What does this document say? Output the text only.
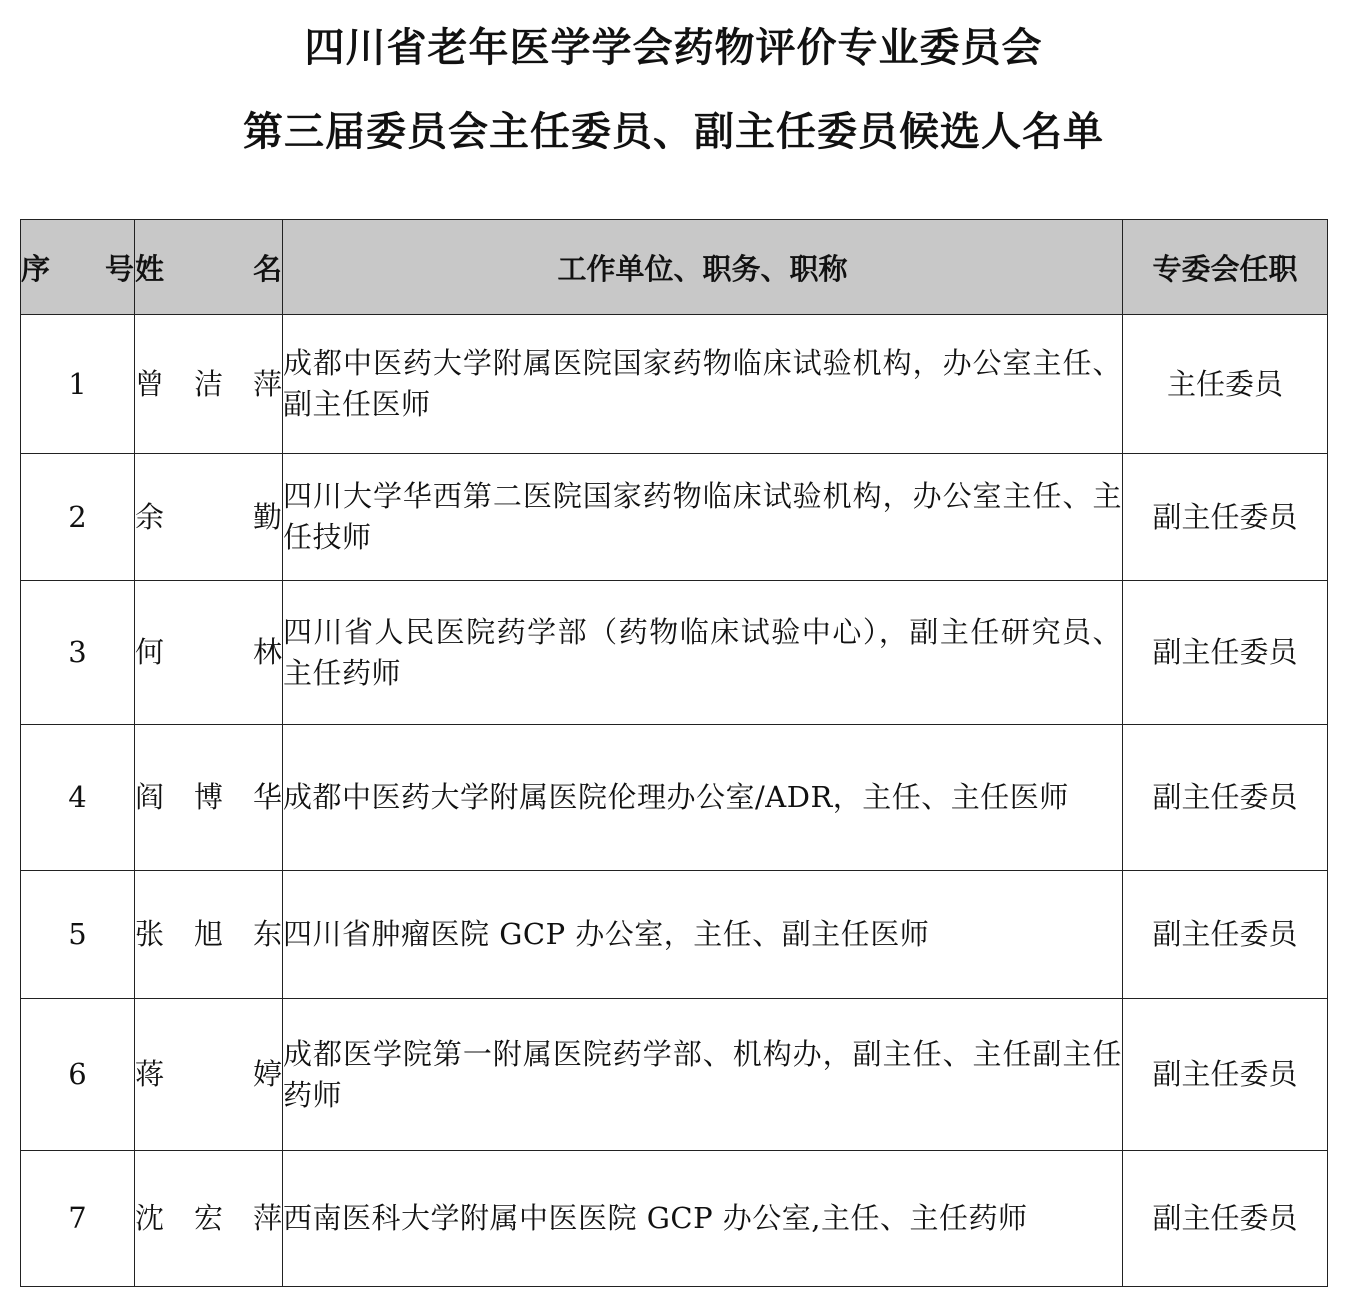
四川省老年医学学会药物评价专业委员会
第三届委员会主任委员、副主任委员候选人名单
序 号	姓 名	工作单位、职务、职称	专委会任职
1	曾洁萍	成都中医药大学附属医院国家药物临床试验机构，办公室主任、副主任医师	主任委员
2	余 勤	四川大学华西第二医院国家药物临床试验机构，办公室主任、主任技师	副主任委员
3	何 林	四川省人民医院药学部（药物临床试验中心），副主任研究员、主任药师	副主任委员
4	阎博华	成都中医药大学附属医院伦理办公室/ADR，主任、主任医师	副主任委员
5	张旭东	四川省肿瘤医院 GCP 办公室，主任、副主任医师	副主任委员
6	蒋 婷	成都医学院第一附属医院药学部、机构办，副主任、主任副主任药师	副主任委员
7	沈宏萍	西南医科大学附属中医医院 GCP 办公室,主任、主任药师	副主任委员
